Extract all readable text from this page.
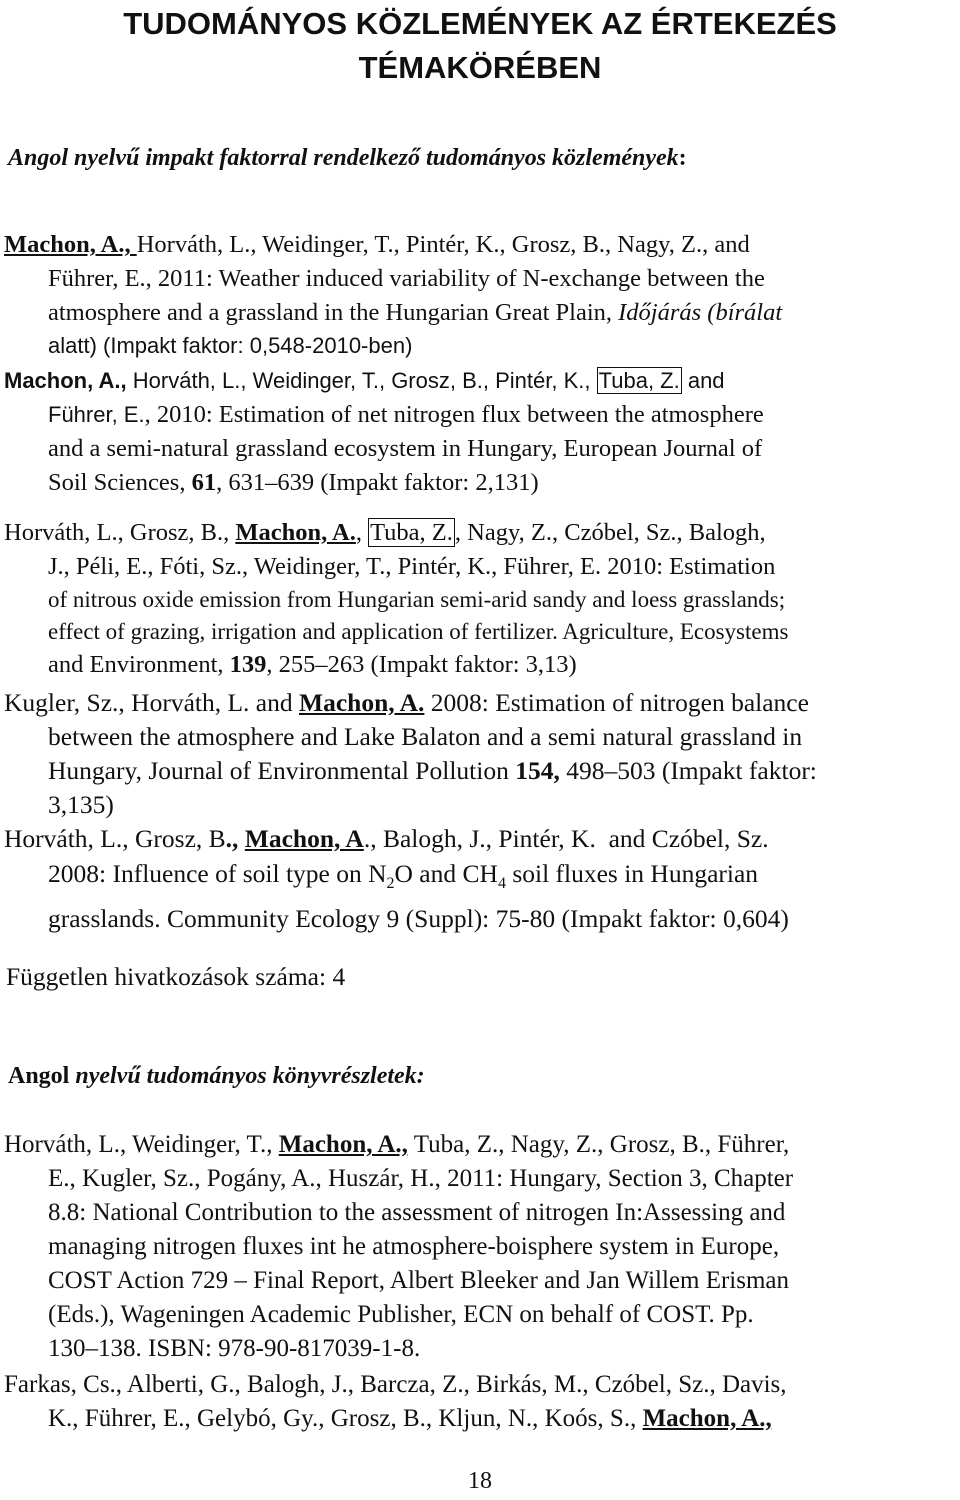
TUDOMÁNYOS KÖZLEMÉNYEK AZ ÉRTEKEZÉS
TÉMAKÖRÉBEN
Angol nyelvű impakt faktorral rendelkező tudományos közlemények:
Machon, A., Horváth, L., Weidinger, T., Pintér, K., Grosz, B., Nagy, Z., and
Führer, E., 2011: Weather induced variability of N-exchange between the
atmosphere and a grassland in the Hungarian Great Plain, Időjárás (bírálat
alatt) (Impakt faktor: 0,548-2010-ben)
Machon, A., Horváth, L., Weidinger, T., Grosz, B., Pintér, K., Tuba, Z. and
Führer, E., 2010: Estimation of net nitrogen flux between the atmosphere
and a semi-natural grassland ecosystem in Hungary, European Journal of
Soil Sciences, 61, 631–639 (Impakt faktor: 2,131)
Horváth, L., Grosz, B., Machon, A., Tuba, Z., Nagy, Z., Czóbel, Sz., Balogh,
J., Péli, E., Fóti, Sz., Weidinger, T., Pintér, K., Führer, E. 2010: Estimation
of nitrous oxide emission from Hungarian semi-arid sandy and loess grasslands;
effect of grazing, irrigation and application of fertilizer. Agriculture, Ecosystems
and Environment, 139, 255–263 (Impakt faktor: 3,13)
Kugler, Sz., Horváth, L. and Machon, A. 2008: Estimation of nitrogen balance
between the atmosphere and Lake Balaton and a semi natural grassland in
Hungary, Journal of Environmental Pollution 154, 498–503 (Impakt faktor:
3,135)
Horváth, L., Grosz, B., Machon, A., Balogh, J., Pintér, K.  and Czóbel, Sz.
2008: Influence of soil type on $N_2O$ and $CH_4$ soil fluxes in Hungarian
grasslands. Community Ecology 9 (Suppl): 75-80 (Impakt faktor: 0,604)
Független hivatkozások száma: 4
Angol nyelvű tudományos könyvrészletek:
Horváth, L., Weidinger, T., Machon, A., Tuba, Z., Nagy, Z., Grosz, B., Führer,
E., Kugler, Sz., Pogány, A., Huszár, H., 2011: Hungary, Section 3, Chapter
8.8: National Contribution to the assessment of nitrogen In:Assessing and
managing nitrogen fluxes int he atmosphere-boisphere system in Europe,
COST Action 729 – Final Report, Albert Bleeker and Jan Willem Erisman
(Eds.), Wageningen Academic Publisher, ECN on behalf of COST. Pp.
130–138. ISBN: 978-90-817039-1-8.
Farkas, Cs., Alberti, G., Balogh, J., Barcza, Z., Birkás, M., Czóbel, Sz., Davis,
K., Führer, E., Gelybó, Gy., Grosz, B., Kljun, N., Koós, S., Machon, A.,
18
